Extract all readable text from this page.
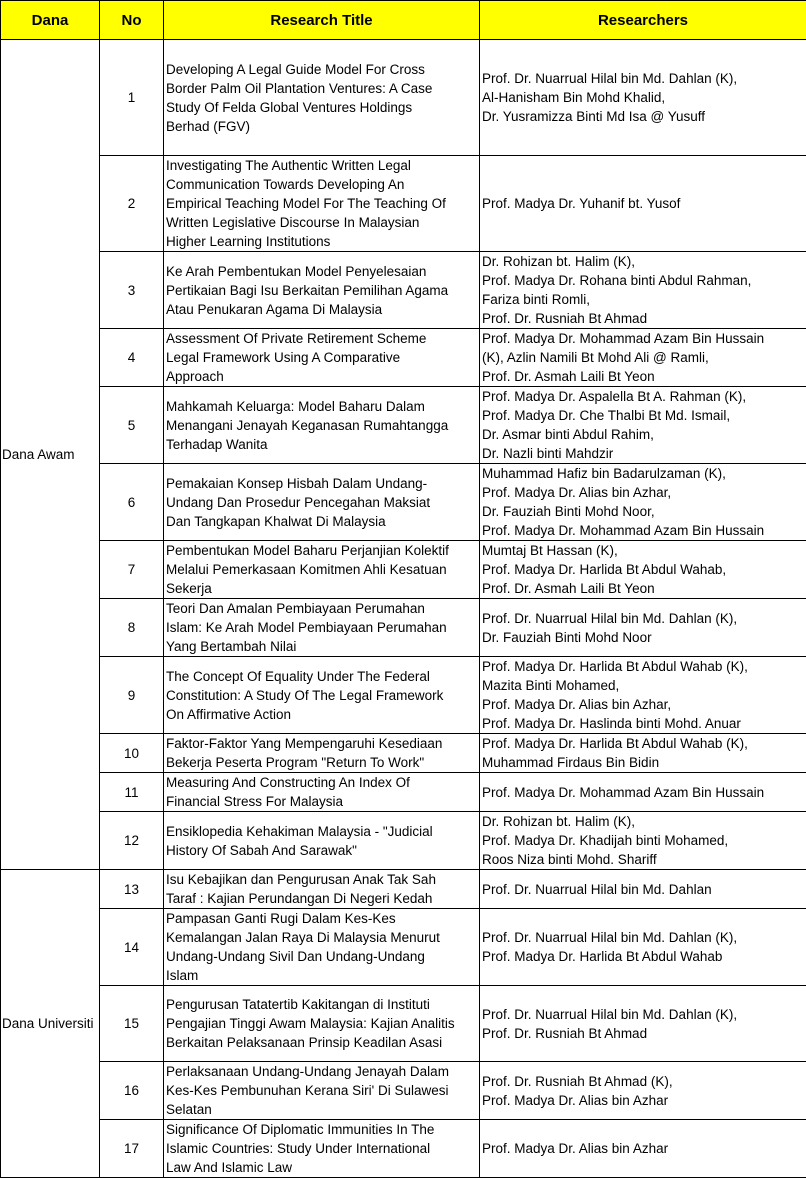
Dana	No	Research Title	Researchers
Dana Awam	1	Developing A Legal Guide Model For Cross
Border Palm Oil Plantation Ventures: A Case
Study Of Felda Global Ventures Holdings
Berhad (FGV)	Prof. Dr. Nuarrual Hilal bin Md. Dahlan (K),
Al-Hanisham Bin Mohd Khalid,
Dr. Yusramizza Binti Md Isa @ Yusuff

	2	Investigating The Authentic Written Legal
Communication Towards Developing An
Empirical Teaching Model For The Teaching Of
Written Legislative Discourse In Malaysian
Higher Learning Institutions	Prof. Madya Dr. Yuhanif bt. Yusof

	3	Ke Arah Pembentukan Model Penyelesaian
Pertikaian Bagi Isu Berkaitan Pemilihan Agama
Atau Penukaran Agama Di Malaysia	Dr. Rohizan bt. Halim (K),
Prof. Madya Dr. Rohana binti Abdul Rahman,
Fariza binti Romli,
Prof. Dr. Rusniah Bt Ahmad

	4	Assessment Of Private Retirement Scheme
Legal Framework Using A Comparative
Approach	Prof. Madya Dr. Mohammad Azam Bin Hussain
(K), Azlin Namili Bt Mohd Ali @ Ramli,
Prof. Dr. Asmah Laili Bt Yeon

	5	Mahkamah Keluarga: Model Baharu Dalam
Menangani Jenayah Keganasan Rumahtangga
Terhadap Wanita	Prof. Madya Dr. Aspalella Bt A. Rahman (K),
Prof. Madya Dr. Che Thalbi Bt Md. Ismail,
Dr. Asmar binti Abdul Rahim,
Dr. Nazli binti Mahdzir

	6	Pemakaian Konsep Hisbah Dalam Undang-
Undang Dan Prosedur Pencegahan Maksiat
Dan Tangkapan Khalwat Di Malaysia	Muhammad Hafiz bin Badarulzaman (K),
Prof. Madya Dr. Alias bin Azhar,
Dr. Fauziah Binti Mohd Noor,
Prof. Madya Dr. Mohammad Azam Bin Hussain

	7	Pembentukan Model Baharu Perjanjian Kolektif
Melalui Pemerkasaan Komitmen Ahli Kesatuan
Sekerja	Mumtaj Bt Hassan (K),
Prof. Madya Dr. Harlida Bt Abdul Wahab,
Prof. Dr. Asmah Laili Bt Yeon

	8	Teori Dan Amalan Pembiayaan Perumahan
Islam: Ke Arah Model Pembiayaan Perumahan
Yang Bertambah Nilai	Prof. Dr. Nuarrual Hilal bin Md. Dahlan (K),
Dr. Fauziah Binti Mohd Noor

	9	The Concept Of Equality Under The Federal
Constitution: A Study Of The Legal Framework
On Affirmative Action	Prof. Madya Dr. Harlida Bt Abdul Wahab (K),
Mazita Binti Mohamed,
Prof. Madya Dr. Alias bin Azhar,
Prof. Madya Dr. Haslinda binti Mohd. Anuar

	10	Faktor-Faktor Yang Mempengaruhi Kesediaan
Bekerja Peserta Program "Return To Work"	Prof. Madya Dr. Harlida Bt Abdul Wahab (K),
Muhammad Firdaus Bin Bidin

	11	Measuring And Constructing An Index Of
Financial Stress For Malaysia	Prof. Madya Dr. Mohammad Azam Bin Hussain

	12	Ensiklopedia Kehakiman Malaysia - "Judicial
History Of Sabah And Sarawak"	Dr. Rohizan bt. Halim (K),
Prof. Madya Dr. Khadijah binti Mohamed,
Roos Niza binti Mohd. Shariff

Dana Universiti	13	Isu Kebajikan dan Pengurusan Anak Tak Sah
Taraf : Kajian Perundangan Di Negeri Kedah	Prof. Dr. Nuarrual Hilal bin Md. Dahlan

	14	Pampasan Ganti Rugi Dalam Kes-Kes
Kemalangan Jalan Raya Di Malaysia Menurut
Undang-Undang Sivil Dan Undang-Undang
Islam	Prof. Dr. Nuarrual Hilal bin Md. Dahlan (K),
Prof. Madya Dr. Harlida Bt Abdul Wahab

	15	Pengurusan Tatatertib Kakitangan di Instituti
Pengajian Tinggi Awam Malaysia: Kajian Analitis
Berkaitan Pelaksanaan Prinsip Keadilan Asasi	Prof. Dr. Nuarrual Hilal bin Md. Dahlan (K),
Prof. Dr. Rusniah Bt Ahmad

	16	Perlaksanaan Undang-Undang Jenayah Dalam
Kes-Kes Pembunuhan Kerana Siri' Di Sulawesi
Selatan	Prof. Dr. Rusniah Bt Ahmad (K),
Prof. Madya Dr. Alias bin Azhar

	17	Significance Of Diplomatic Immunities In The
Islamic Countries: Study Under International
Law And Islamic Law	Prof. Madya Dr. Alias bin Azhar
